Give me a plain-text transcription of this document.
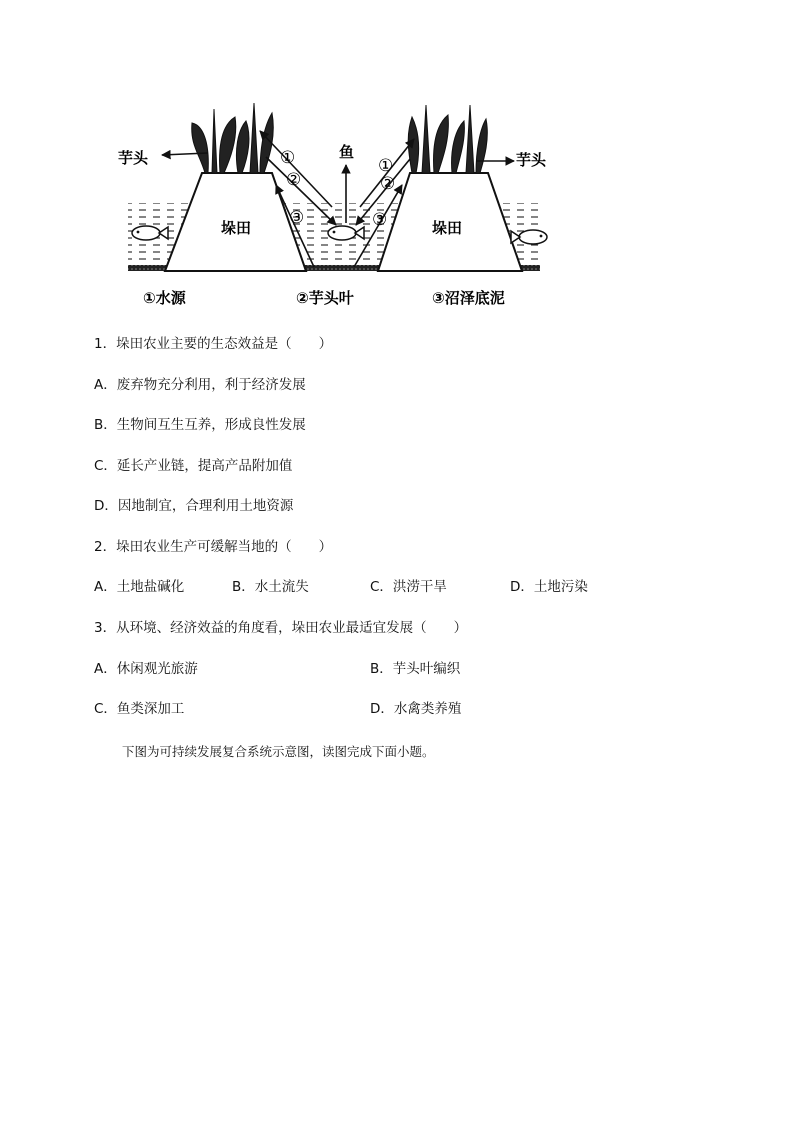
芋头	芋头
鱼
垛田	垛田
①
②
③
①
②
③
①水源	②芋头叶	③沼泽底泥
1．垛田农业主要的生态效益是（　　）
A．废弃物充分利用，利于经济发展
B．生物间互生互养，形成良性发展
C．延长产业链，提高产品附加值
D．因地制宜，合理利用土地资源
2．垛田农业生产可缓解当地的（　　）
A．土地盐碱化	B．水土流失	C．洪涝干旱	D．土地污染
3．从环境、经济效益的角度看，垛田农业最适宜发展（　　）
A．休闲观光旅游	B．芋头叶编织
C．鱼类深加工	D．水禽类养殖
下图为可持续发展复合系统示意图，读图完成下面小题。
